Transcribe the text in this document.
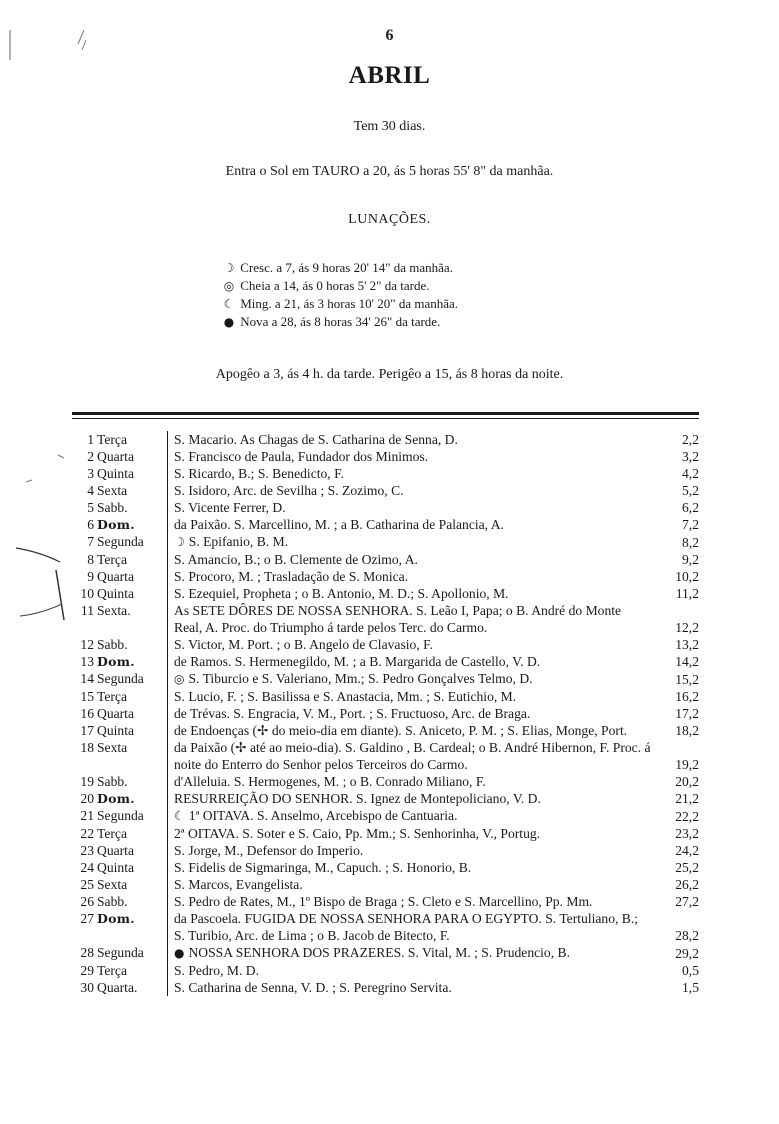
6
ABRIL
Tem 30 dias.
Entra o Sol em TAURO a 20, ás 5 horas 55' 8" da manhãa.
LUNAÇÕES.
☽ Cresc. a 7, ás 9 horas 20' 14" da manhãa.
◎ Cheia a 14, ás 0 horas 5' 2" da tarde.
☾ Ming. a 21, ás 3 horas 10' 20" da manhãa.
● Nova a 28, ás 8 horas 34' 26" da tarde.
Apogêo a 3, ás 4 h. da tarde. Perigêo a 15, ás 8 horas da noite.
1	Terça	S. Macario. As Chagas de S. Catharina de Senna, D.	2,2
2	Quarta	S. Francisco de Paula, Fundador dos Minimos.	3,2
3	Quinta	S. Ricardo, B.; S. Benedicto, F.	4,2
4	Sexta	S. Isidoro, Arc. de Sevilha ; S. Zozimo, C.	5,2
5	Sabb.	S. Vicente Ferrer, D.	6,2
6	Dom.	da Paixão. S. Marcellino, M. ; a B. Catharina de Palancia, A.	7,2
7	Segunda	☽ S. Epifanio, B. M.	8,2
8	Terça	S. Amancio, B.; o B. Clemente de Ozimo, A.	9,2
9	Quarta	S. Procoro, M. ; Trasladação de S. Monica.	10,2
10	Quinta	S. Ezequiel, Propheta ; o B. Antonio, M. D.; S. Apollonio, M.	11,2
11	Sexta.	As SETE DÔRES DE NOSSA SENHORA. S. Leão I, Papa; o B. André do Monte Real, A. Proc. do Triumpho á tarde pelos Terc. do Carmo.	12,2
12	Sabb.	S. Victor, M. Port. ; o B. Angelo de Clavasio, F.	13,2
13	Dom.	de Ramos. S. Hermenegildo, M. ; a B. Margarida de Castello, V. D.	14,2
14	Segunda	◎ S. Tiburcio e S. Valeriano, Mm.; S. Pedro Gonçalves Telmo, D.	15,2
15	Terça	S. Lucio, F. ; S. Basilissa e S. Anastacia, Mm. ; S. Eutichio, M.	16,2
16	Quarta	de Trévas. S. Engracia, V. M., Port. ; S. Fructuoso, Arc. de Braga.	17,2
17	Quinta	de Endoenças (✢ do meio-dia em diante). S. Aniceto, P. M. ; S. Elias, Monge, Port.	18,2
18	Sexta	da Paixão (✢ até ao meio-dia). S. Galdino , B. Cardeal; o B. André Hibernon, F. Proc. á noite do Enterro do Senhor pelos Terceiros do Carmo.	19,2
19	Sabb.	d'Alleluia. S. Hermogenes, M. ; o B. Conrado Miliano, F.	20,2
20	Dom.	RESURREIÇÃO DO SENHOR. S. Ignez de Montepoliciano, V. D.	21,2
21	Segunda	☾ 1ª OITAVA. S. Anselmo, Arcebispo de Cantuaria.	22,2
22	Terça	2ª OITAVA. S. Soter e S. Caio, Pp. Mm.; S. Senhorinha, V., Portug.	23,2
23	Quarta	S. Jorge, M., Defensor do Imperio.	24,2
24	Quinta	S. Fidelis de Sigmaringa, M., Capuch. ; S. Honorio, B.	25,2
25	Sexta	S. Marcos, Evangelista.	26,2
26	Sabb.	S. Pedro de Rates, M., 1º Bispo de Braga ; S. Cleto e S. Marcellino, Pp. Mm.	27,2
27	Dom.	da Pascoela. FUGIDA DE NOSSA SENHORA PARA O EGYPTO. S. Tertuliano, B.; S. Turibio, Arc. de Lima ; o B. Jacob de Bitecto, F.	28,2
28	Segunda	● NOSSA SENHORA DOS PRAZERES. S. Vital, M. ; S. Prudencio, B.	29,2
29	Terça	S. Pedro, M. D.	0,5
30	Quarta.	S. Catharina de Senna, V. D. ; S. Peregrino Servita.	1,5
